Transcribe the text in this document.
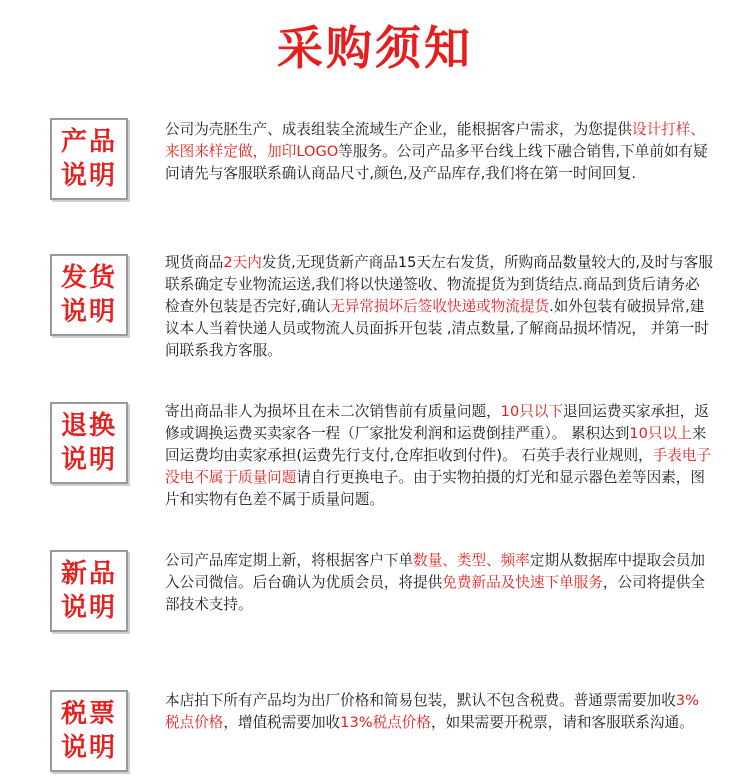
采购须知
产品
说明
公司为壳胚生产、成表组装全流域生产企业，能根据客户需求，为您提供设计打样、来图来样定做，加印LOGO等服务。公司产品多平台线上线下融合销售,下单前如有疑问请先与客服联系确认商品尺寸,颜色,及产品库存,我们将在第一时间回复.
发货
说明
现货商品2天内发货,无现货新产商品15天左右发货，所购商品数量较大的,及时与客服联系确定专业物流运送,我们将以快递签收、物流提货为到货结点.商品到货后请务必检查外包装是否完好,确认无异常损坏后签收快递或物流提货.如外包装有破损异常,建议本人当着快递人员或物流人员面拆开包装 ,清点数量,了解商品损坏情况， 并第一时间联系我方客服。
退换
说明
寄出商品非人为损坏且在未二次销售前有质量问题，10只以下退回运费买家承担，返修或调换运费买卖家各一程（厂家批发利润和运费倒挂严重）。 累积达到10只以上来回运费均由卖家承担(运费先行支付,仓库拒收到付件)。 石英手表行业规则，手表电子没电不属于质量问题请自行更换电子。由于实物拍摄的灯光和显示器色差等因素，图片和实物有色差不属于质量问题。
新品
说明
公司产品库定期上新，将根据客户下单数量、类型、频率定期从数据库中提取会员加入公司微信。后台确认为优质会员，将提供免费新品及快速下单服务，公司将提供全部技术支持。
税票
说明
本店拍下所有产品均为出厂价格和简易包装，默认不包含税费。普通票需要加收3%税点价格，增值税需要加收13%税点价格，如果需要开税票，请和客服联系沟通。
